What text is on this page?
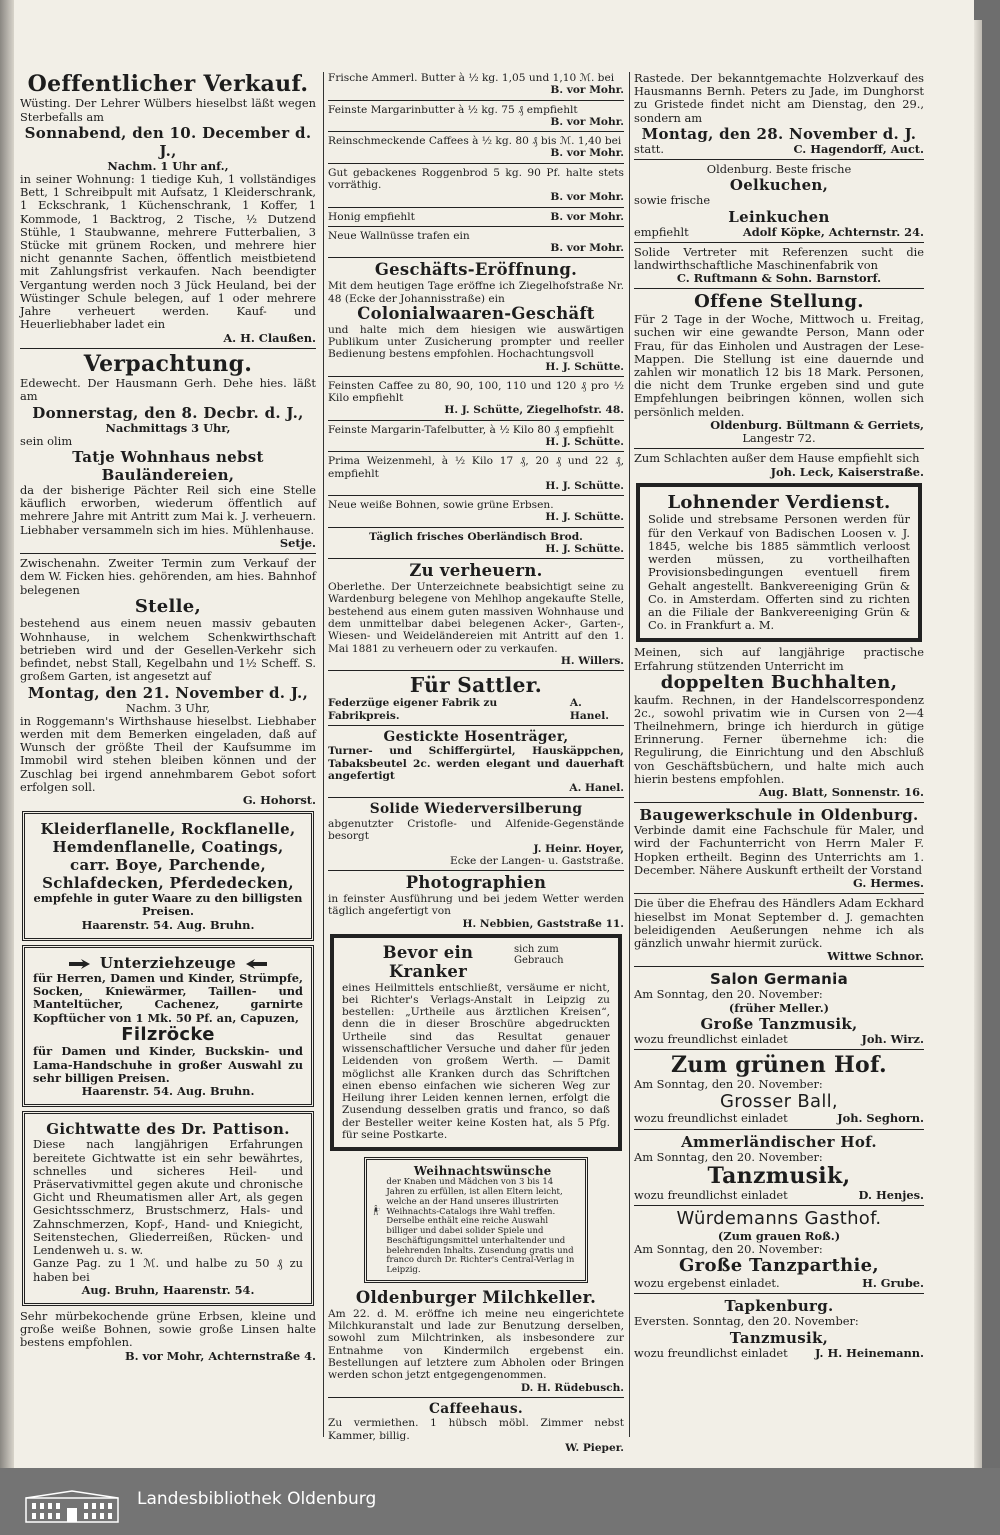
Oeffentlicher Verkauf.

Wüsting. Der Lehrer Wülbers hieselbst läßt wegen Sterbefalls am

Sonnabend, den 10. December d. J.,
Nachm. 1 Uhr anf.,

in seiner Wohnung: 1 tiedige Kuh, 1 vollständiges Bett, 1 Schreibpult mit Aufsatz, 1 Kleiderschrank, 1 Eckschrank, 1 Küchenschrank, 1 Koffer, 1 Kommode, 1 Backtrog, 2 Tische, ½ Dutzend Stühle, 1 Staubwanne, mehrere Futterbalien, 3 Stücke mit grünem Rocken, und mehrere hier nicht genannte Sachen, öffentlich meistbietend mit Zahlungsfrist verkaufen. Nach beendigter Vergantung werden noch 3 Jück Heuland, bei der Wüstinger Schule belegen, auf 1 oder mehrere Jahre verheuert werden. Kauf- und Heuerliebhaber ladet ein

A. H. Claußen.
Verpachtung.

Edewecht. Der Hausmann Gerh. Dehe hies. läßt am

Donnerstag, den 8. Decbr. d. J.,
Nachmittags 3 Uhr,

sein olim

Tatje Wohnhaus nebst Bauländereien,

da der bisherige Pächter Reil sich eine Stelle käuflich erworben, wiederum öffentlich auf mehrere Jahre mit Antritt zum Mai k. J. verheuern. Liebhaber versammeln sich im hies. Mühlenhause.

Setje.

Zwischenahn. Zweiter Termin zum Verkauf der dem W. Ficken hies. gehörenden, am hies. Bahnhof belegenen

Stelle,

bestehend aus einem neuen massiv gebauten Wohnhause, in welchem Schenkwirthschaft betrieben wird und der Gesellen-Verkehr sich befindet, nebst Stall, Kegelbahn und 1½ Scheff. S. großem Garten, ist angesetzt auf

Montag, den 21. November d. J.,
Nachm. 3 Uhr,

in Roggemann's Wirthshause hieselbst. Liebhaber werden mit dem Bemerken eingeladen, daß auf Wunsch der größte Theil der Kaufsumme im Immobil wird stehen bleiben können und der Zuschlag bei irgend annehmbarem Gebot sofort erfolgen soll.

G. Hohorst.
Kleiderflanelle, Rockflanelle,
Hemdenflanelle, Coatings,
carr. Boye, Parchende,
Schlafdecken, Pferdedecken,
empfehle in guter Waare zu den billigsten Preisen.
Haarenstr. 54. Aug. Bruhn.
Unterziehzeuge

für Herren, Damen und Kinder, Strümpfe, Socken, Kniewärmer, Taillen- und Manteltücher, Cachenez, garnirte Kopftücher von 1 Mk. 50 Pf. an, Capuzen,

Filzröcke

für Damen und Kinder, Buckskin- und Lama-Handschuhe in großer Auswahl zu sehr billigen Preisen.

Haarenstr. 54. Aug. Bruhn.
Gichtwatte des Dr. Pattison.

Diese nach langjährigen Erfahrungen bereitete Gichtwatte ist ein sehr bewährtes, schnelles und sicheres Heil- und Präservativmittel gegen akute und chronische Gicht und Rheumatismen aller Art, als gegen Gesichtsschmerz, Brustschmerz, Hals- und Zahnschmerzen, Kopf-, Hand- und Kniegicht, Seitenstechen, Gliederreißen, Rücken- und Lendenweh u. s. w.

Ganze Pag. zu 1 ℳ. und halbe zu 50 ₰ zu haben bei

Aug. Bruhn, Haarenstr. 54.

Sehr mürbekochende grüne Erbsen, kleine und große weiße Bohnen, sowie große Linsen halte bestens empfohlen.

B. vor Mohr, Achternstraße 4.

Frische Ammerl. Butter à ½ kg. 1,05 und 1,10 ℳ. bei

B. vor Mohr.

Feinste Margarinbutter à ½ kg. 75 ₰ empfiehlt

B. vor Mohr.

Reinschmeckende Caffees à ½ kg. 80 ₰ bis ℳ. 1,40 bei

B. vor Mohr.

Gut gebackenes Roggenbrod 5 kg. 90 Pf. halte stets vorräthig.

B. vor Mohr.
Honig empfiehlt	B. vor Mohr.

Neue Wallnüsse trafen ein

B. vor Mohr.
Geschäfts-Eröffnung.

Mit dem heutigen Tage eröffne ich Ziegelhofstraße Nr. 48 (Ecke der Johannisstraße) ein

Colonialwaaren-Geschäft

und halte mich dem hiesigen wie auswärtigen Publikum unter Zusicherung prompter und reeller Bedienung bestens empfohlen. Hochachtungsvoll

H. J. Schütte.

Feinsten Caffee zu 80, 90, 100, 110 und 120 ₰ pro ½ Kilo empfiehlt

H. J. Schütte, Ziegelhofstr. 48.

Feinste Margarin-Tafelbutter, à ½ Kilo 80 ₰ empfiehlt

H. J. Schütte.

Prima Weizenmehl, à ½ Kilo 17 ₰, 20 ₰ und 22 ₰, empfiehlt

H. J. Schütte.

Neue weiße Bohnen, sowie grüne Erbsen.

H. J. Schütte.

Täglich frisches Oberländisch Brod.

H. J. Schütte.
Zu verheuern.

Oberlethe. Der Unterzeichnete beabsichtigt seine zu Wardenburg belegene von Mehlhop angekaufte Stelle, bestehend aus einem guten massiven Wohnhause und dem unmittelbar dabei belegenen Acker-, Garten-, Wiesen- und Weideländereien mit Antritt auf den 1. Mai 1881 zu verheuern oder zu verkaufen.

H. Willers.
Für Sattler.
Federzüge eigener Fabrik zu Fabrikpreis.
A. Hanel.
Gestickte Hosenträger,

Turner- und Schiffergürtel, Hauskäppchen, Tabaksbeutel 2c. werden elegant und dauerhaft angefertigt

A. Hanel.
Solide Wiederversilberung

abgenutzter Cristofle- und Alfenide-Gegenstände besorgt

J. Heinr. Hoyer,
Ecke der Langen- u. Gaststraße.
Photographien

in feinster Ausführung und bei jedem Wetter werden täglich angefertigt von

H. Nebbien, Gaststraße 11.
Bevor ein Kranker
sich zum Gebrauch

eines Heilmittels entschließt, versäume er nicht, bei Richter's Verlags-Anstalt in Leipzig zu bestellen: „Urtheile aus ärztlichen Kreisen“, denn die in dieser Broschüre abgedruckten Urtheile sind das Resultat genauer wissenschaftlicher Versuche und daher für jeden Leidenden von großem Werth. — Damit möglichst alle Kranken durch das Schriftchen einen ebenso einfachen wie sicheren Weg zur Heilung ihrer Leiden kennen lernen, erfolgt die Zusendung desselben gratis und franco, so daß der Besteller weiter keine Kosten hat, als 5 Pfg. für seine Postkarte.

Weihnachtswünsche
der Knaben und Mädchen von 3 bis 14 Jahren zu erfüllen, ist allen Eltern leicht, welche an der Hand unseres illustrirten Weihnachts-Catalogs ihre Wahl treffen. Derselbe enthält eine reiche Auswahl billiger und dabei solider Spiele und Beschäftigungsmittel unterhaltender und belehrenden Inhalts. Zusendung gratis und franco durch Dr. Richter's Central-Verlag in Leipzig.
Oldenburger Milchkeller.

Am 22. d. M. eröffne ich meine neu eingerichtete Milchkuranstalt und lade zur Benutzung derselben, sowohl zum Milchtrinken, als insbesondere zur Entnahme von Kindermilch ergebenst ein. Bestellungen auf letztere zum Abholen oder Bringen werden schon jetzt entgegengenommen.

D. H. Rüdebusch.
Caffeehaus.

Zu vermiethen. 1 hübsch möbl. Zimmer nebst Kammer, billig.

W. Pieper.

Rastede. Der bekanntgemachte Holzverkauf des Hausmanns Bernh. Peters zu Jade, im Dunghorst zu Gristede findet nicht am Dienstag, den 29., sondern am

Montag, den 28. November d. J.
statt.	C. Hagendorff, Auct.

Oldenburg. Beste frische

Oelkuchen,

sowie frische

Leinkuchen
empfiehlt	Adolf Köpke, Achternstr. 24.

Solide Vertreter mit Referenzen sucht die landwirthschaftliche Maschinenfabrik von

C. Ruftmann & Sohn. Barnstorf.
Offene Stellung.

Für 2 Tage in der Woche, Mittwoch u. Freitag, suchen wir eine gewandte Person, Mann oder Frau, für das Einholen und Austragen der Lese-Mappen. Die Stellung ist eine dauernde und zahlen wir monatlich 12 bis 18 Mark. Personen, die nicht dem Trunke ergeben sind und gute Empfehlungen beibringen können, wollen sich persönlich melden.

Oldenburg. Bültmann & Gerriets,
Langestr 72.

Zum Schlachten außer dem Hause empfiehlt sich

Joh. Leck, Kaiserstraße.
Lohnender Verdienst.

Solide und strebsame Personen werden für für den Verkauf von Badischen Loosen v. J. 1845, welche bis 1885 sämmtlich verloost werden müssen, zu vortheilhaften Provisionsbedingungen eventuell firem Gehalt angestellt. Bankvereeniging Grün & Co. in Amsterdam. Offerten sind zu richten an die Filiale der Bankvereeniging Grün & Co. in Frankfurt a. M.

Meinen, sich auf langjährige practische Erfahrung stützenden Unterricht im

doppelten Buchhalten,

kaufm. Rechnen, in der Handelscorrespondenz 2c., sowohl privatim wie in Cursen von 2—4 Theilnehmern, bringe ich hierdurch in gütige Erinnerung. Ferner übernehme ich: die Regulirung, die Einrichtung und den Abschluß von Geschäftsbüchern, und halte mich auch hierin bestens empfohlen.

Aug. Blatt, Sonnenstr. 16.
Baugewerkschule in Oldenburg.

Verbinde damit eine Fachschule für Maler, und wird der Fachunterricht von Herrn Maler F. Hopken ertheilt. Beginn des Unterrichts am 1. December. Nähere Auskunft ertheilt der Vorstand

G. Hermes.

Die über die Ehefrau des Händlers Adam Eckhard hieselbst im Monat September d. J. gemachten beleidigenden Aeußerungen nehme ich als gänzlich unwahr hiermit zurück.

Wittwe Schnor.
Salon Germania
Am Sonntag, den 20. November:
(früher Meller.)
Große Tanzmusik,
wozu freundlichst einladet	Joh. Wirz.
Zum grünen Hof.
Am Sonntag, den 20. November:
Grosser Ball,
wozu freundlichst einladet	Joh. Seghorn.
Ammerländischer Hof.
Am Sonntag, den 20. November:
Tanzmusik,
wozu freundlichst einladet	D. Henjes.
Würdemanns Gasthof.
(Zum grauen Roß.)
Am Sonntag, den 20. November:
Große Tanzparthie,
wozu ergebenst einladet.	H. Grube.
Tapkenburg.
Eversten. Sonntag, den 20. November:
Tanzmusik,
wozu freundlichst einladet J. H. Heinemann.
Landesbibliothek Oldenburg
